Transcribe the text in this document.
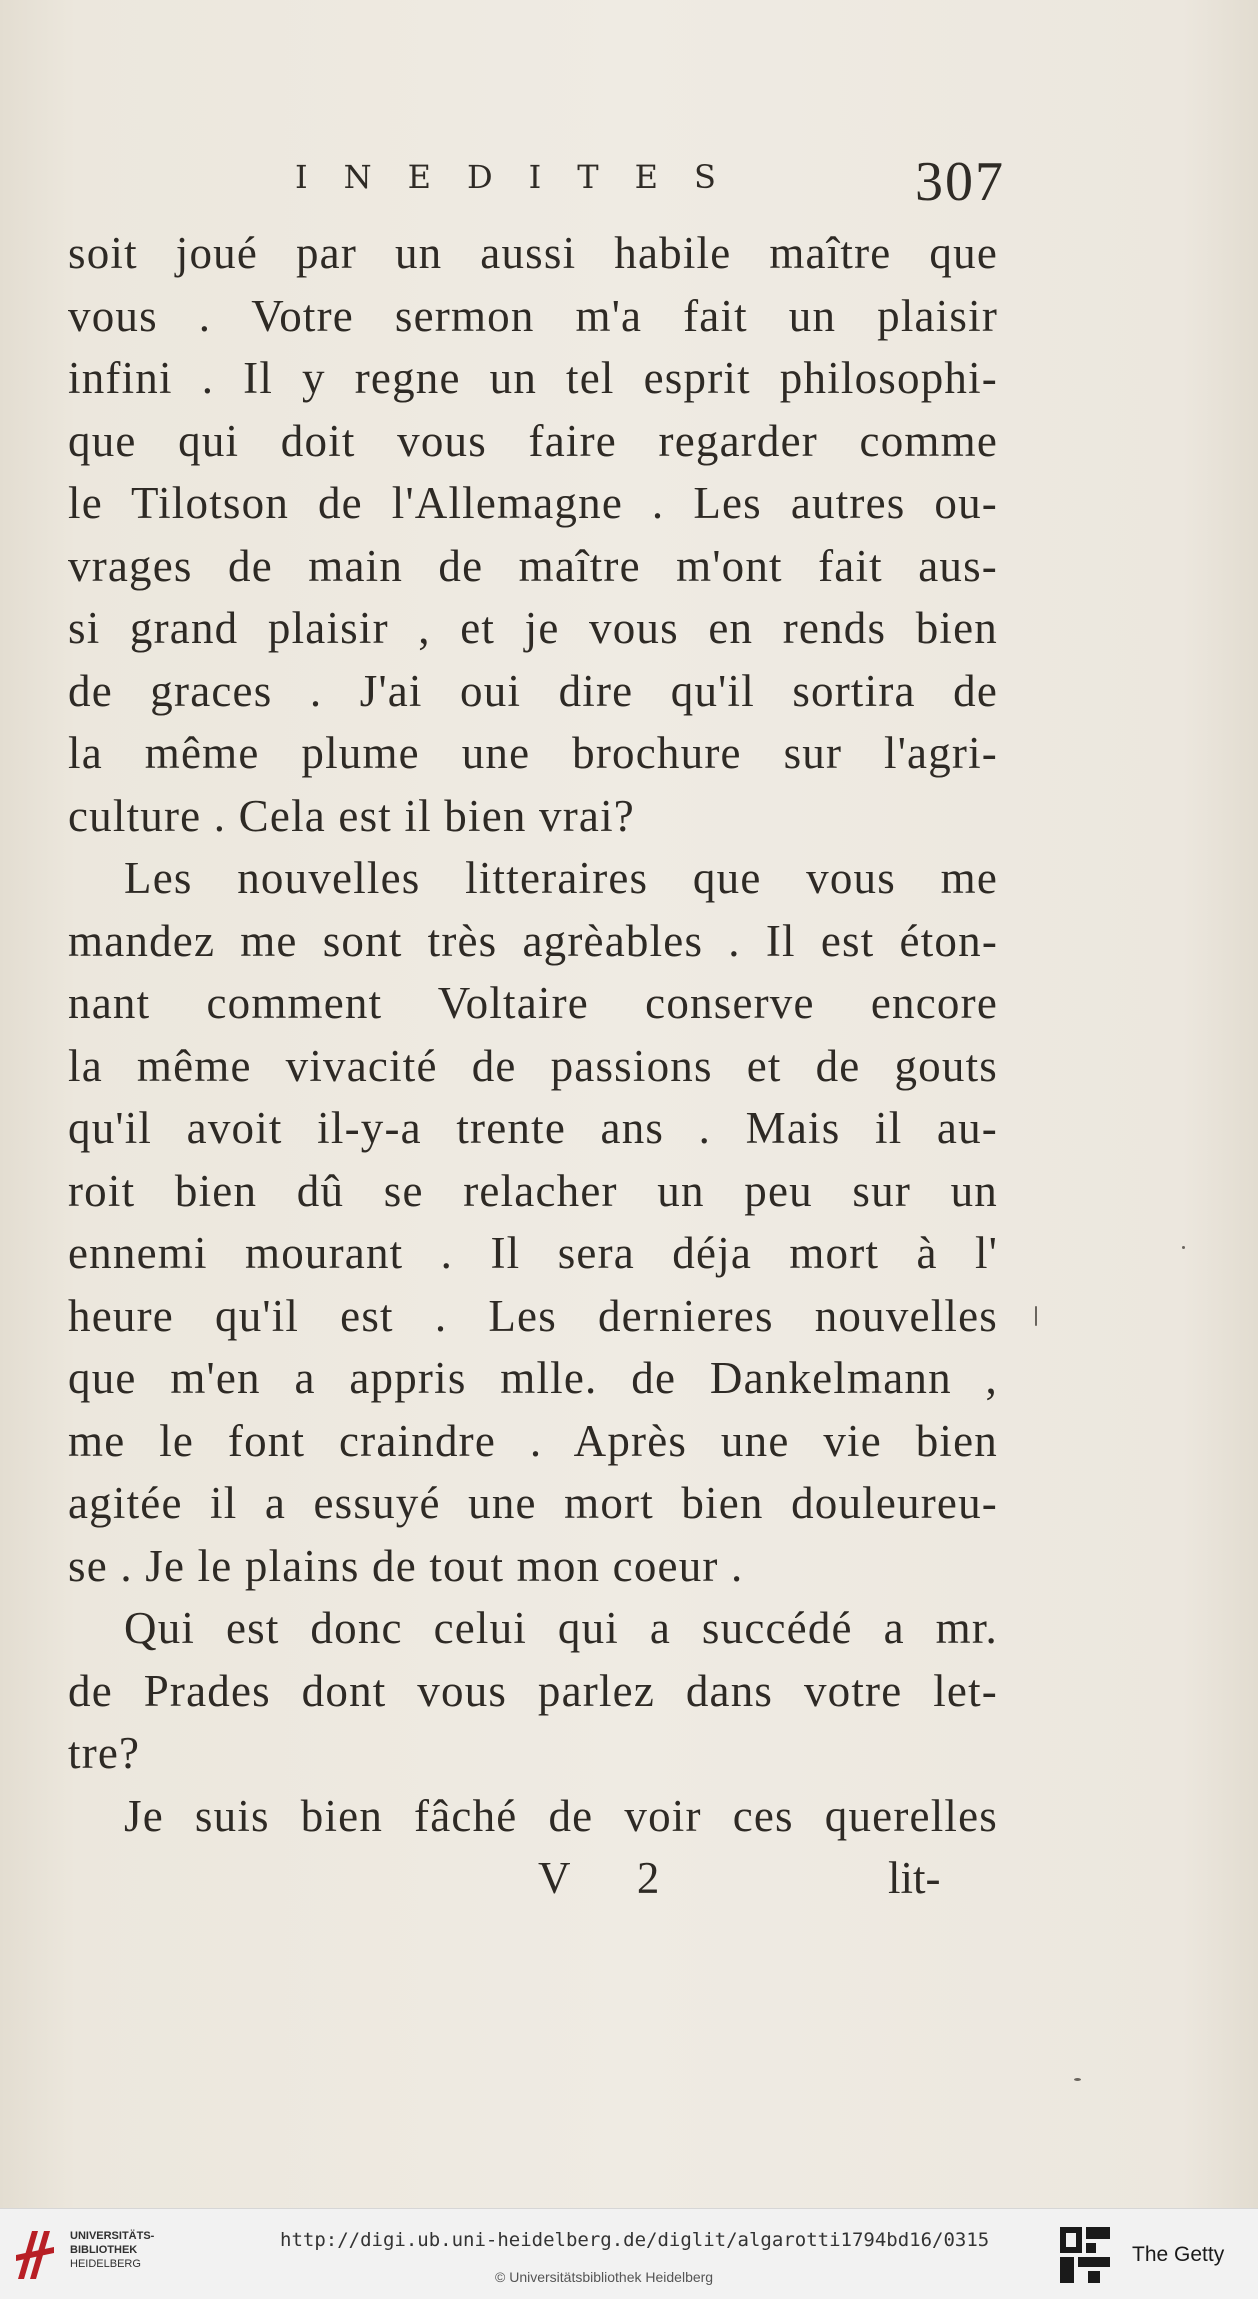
INEDITES	307
soit joué par un aussi habile maître que
vous . Votre sermon m'a fait un plaisir
infini . Il y regne un tel esprit philosophi-
que qui doit vous faire regarder comme
le Tilotson de l'Allemagne . Les autres ou-
vrages de main de maître m'ont fait aus-
si grand plaisir , et je vous en rends bien
de graces . J'ai oui dire qu'il sortira de
la même plume une brochure sur l'agri-
culture . Cela est il bien vrai?
Les nouvelles litteraires que vous me
mandez me sont très agrèables . Il est éton-
nant comment Voltaire conserve encore
la même vivacité de passions et de gouts
qu'il avoit il-y-a trente ans . Mais il au-
roit bien dû se relacher un peu sur un
ennemi mourant . Il sera déja mort à l'
heure qu'il est . Les dernieres nouvelles
que m'en a appris mlle. de Dankelmann ,
me le font craindre . Après une vie bien
agitée il a essuyé une mort bien douleureu-
se . Je le plains de tout mon coeur .
Qui est donc celui qui a succédé a mr.
de Prades dont vous parlez dans votre let-
tre?
Je suis bien fâché de voir ces querelles
V 2	lit-
UNIVERSITÄTS-
BIBLIOTHEK
HEIDELBERG
http://digi.ub.uni-heidelberg.de/diglit/algarotti1794bd16/0315
© Universitätsbibliothek Heidelberg
The Getty
